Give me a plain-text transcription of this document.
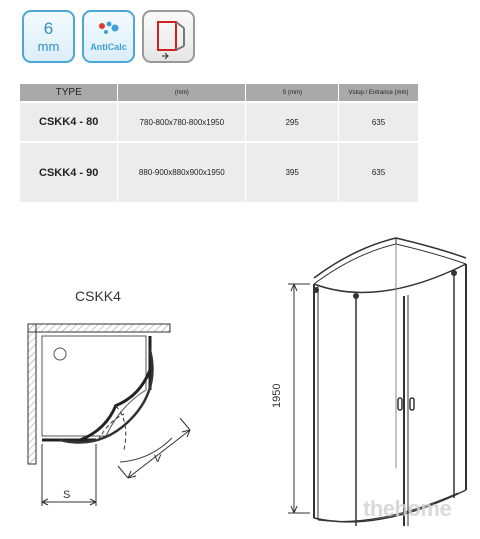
6
mm	AntiCalc
TYPE	(mm)	S (mm)	Vstup / Entrance (mm)
CSKK4 - 80	780-800x780-800x1950	295	635
CSKK4 - 90	880-900x880x900x1950	395	635
CSKK4
V
S
1950
thehome
